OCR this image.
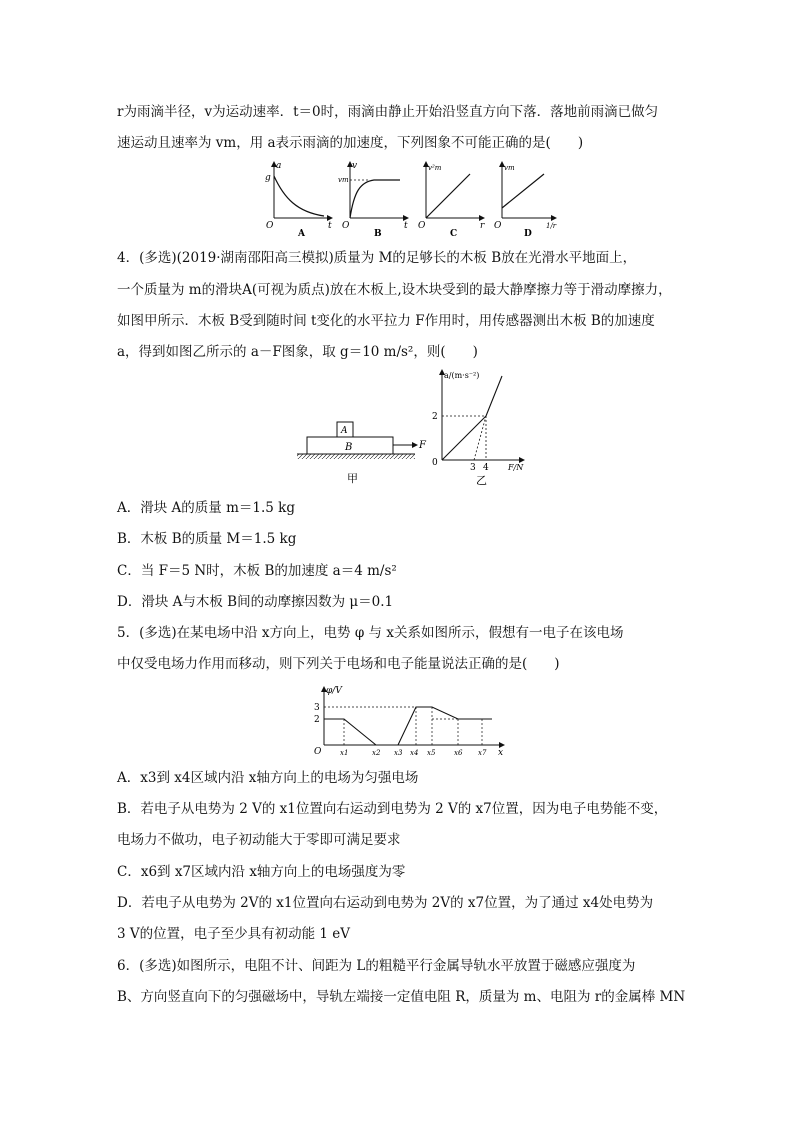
r为雨滴半径，v为运动速率．t＝0时，雨滴由静止开始沿竖直方向下落．落地前雨滴已做匀
速运动且速率为 vm，用 a表示雨滴的加速度，下列图象不可能正确的是(　　)
a
g
t
O
A
v
vm
t
O
B
v²m
r
O
C
vm
1/r
O
D
4．(多选)(2019·湖南邵阳高三模拟)质量为 M的足够长的木板 B放在光滑水平地面上，
一个质量为 m的滑块A(可视为质点)放在木板上,设木块受到的最大静摩擦力等于滑动摩擦力，
如图甲所示．木板 B受到随时间 t变化的水平拉力 F作用时，用传感器测出木板 B的加速度
a，得到如图乙所示的 a－F图象，取 g＝10 m/s²，则(　　)
A
B	F
甲
a/(m·s⁻²)
2
0	3 4 F/N
乙
A．滑块 A的质量 m＝1.5 kg
B．木板 B的质量 M＝1.5 kg
C．当 F＝5 N时，木板 B的加速度 a＝4 m/s²
D．滑块 A与木板 B间的动摩擦因数为 μ＝0.1
5．(多选)在某电场中沿 x方向上，电势 φ 与 x关系如图所示，假想有一电子在该电场
中仅受电场力作用而移动，则下列关于电场和电子能量说法正确的是(　　)
φ/V
3
2
O	x1	x2 x3 x4 x5	x6 x7 x
A．x3到 x4区域内沿 x轴方向上的电场为匀强电场
B．若电子从电势为 2 V的 x1位置向右运动到电势为 2 V的 x7位置，因为电子电势能不变，
电场力不做功，电子初动能大于零即可满足要求
C．x6到 x7区域内沿 x轴方向上的电场强度为零
D．若电子从电势为 2V的 x1位置向右运动到电势为 2V的 x7位置，为了通过 x4处电势为
3 V的位置，电子至少具有初动能 1 eV
6．(多选)如图所示，电阻不计、间距为 L的粗糙平行金属导轨水平放置于磁感应强度为
B、方向竖直向下的匀强磁场中，导轨左端接一定值电阻 R，质量为 m、电阻为 r的金属棒 MN
